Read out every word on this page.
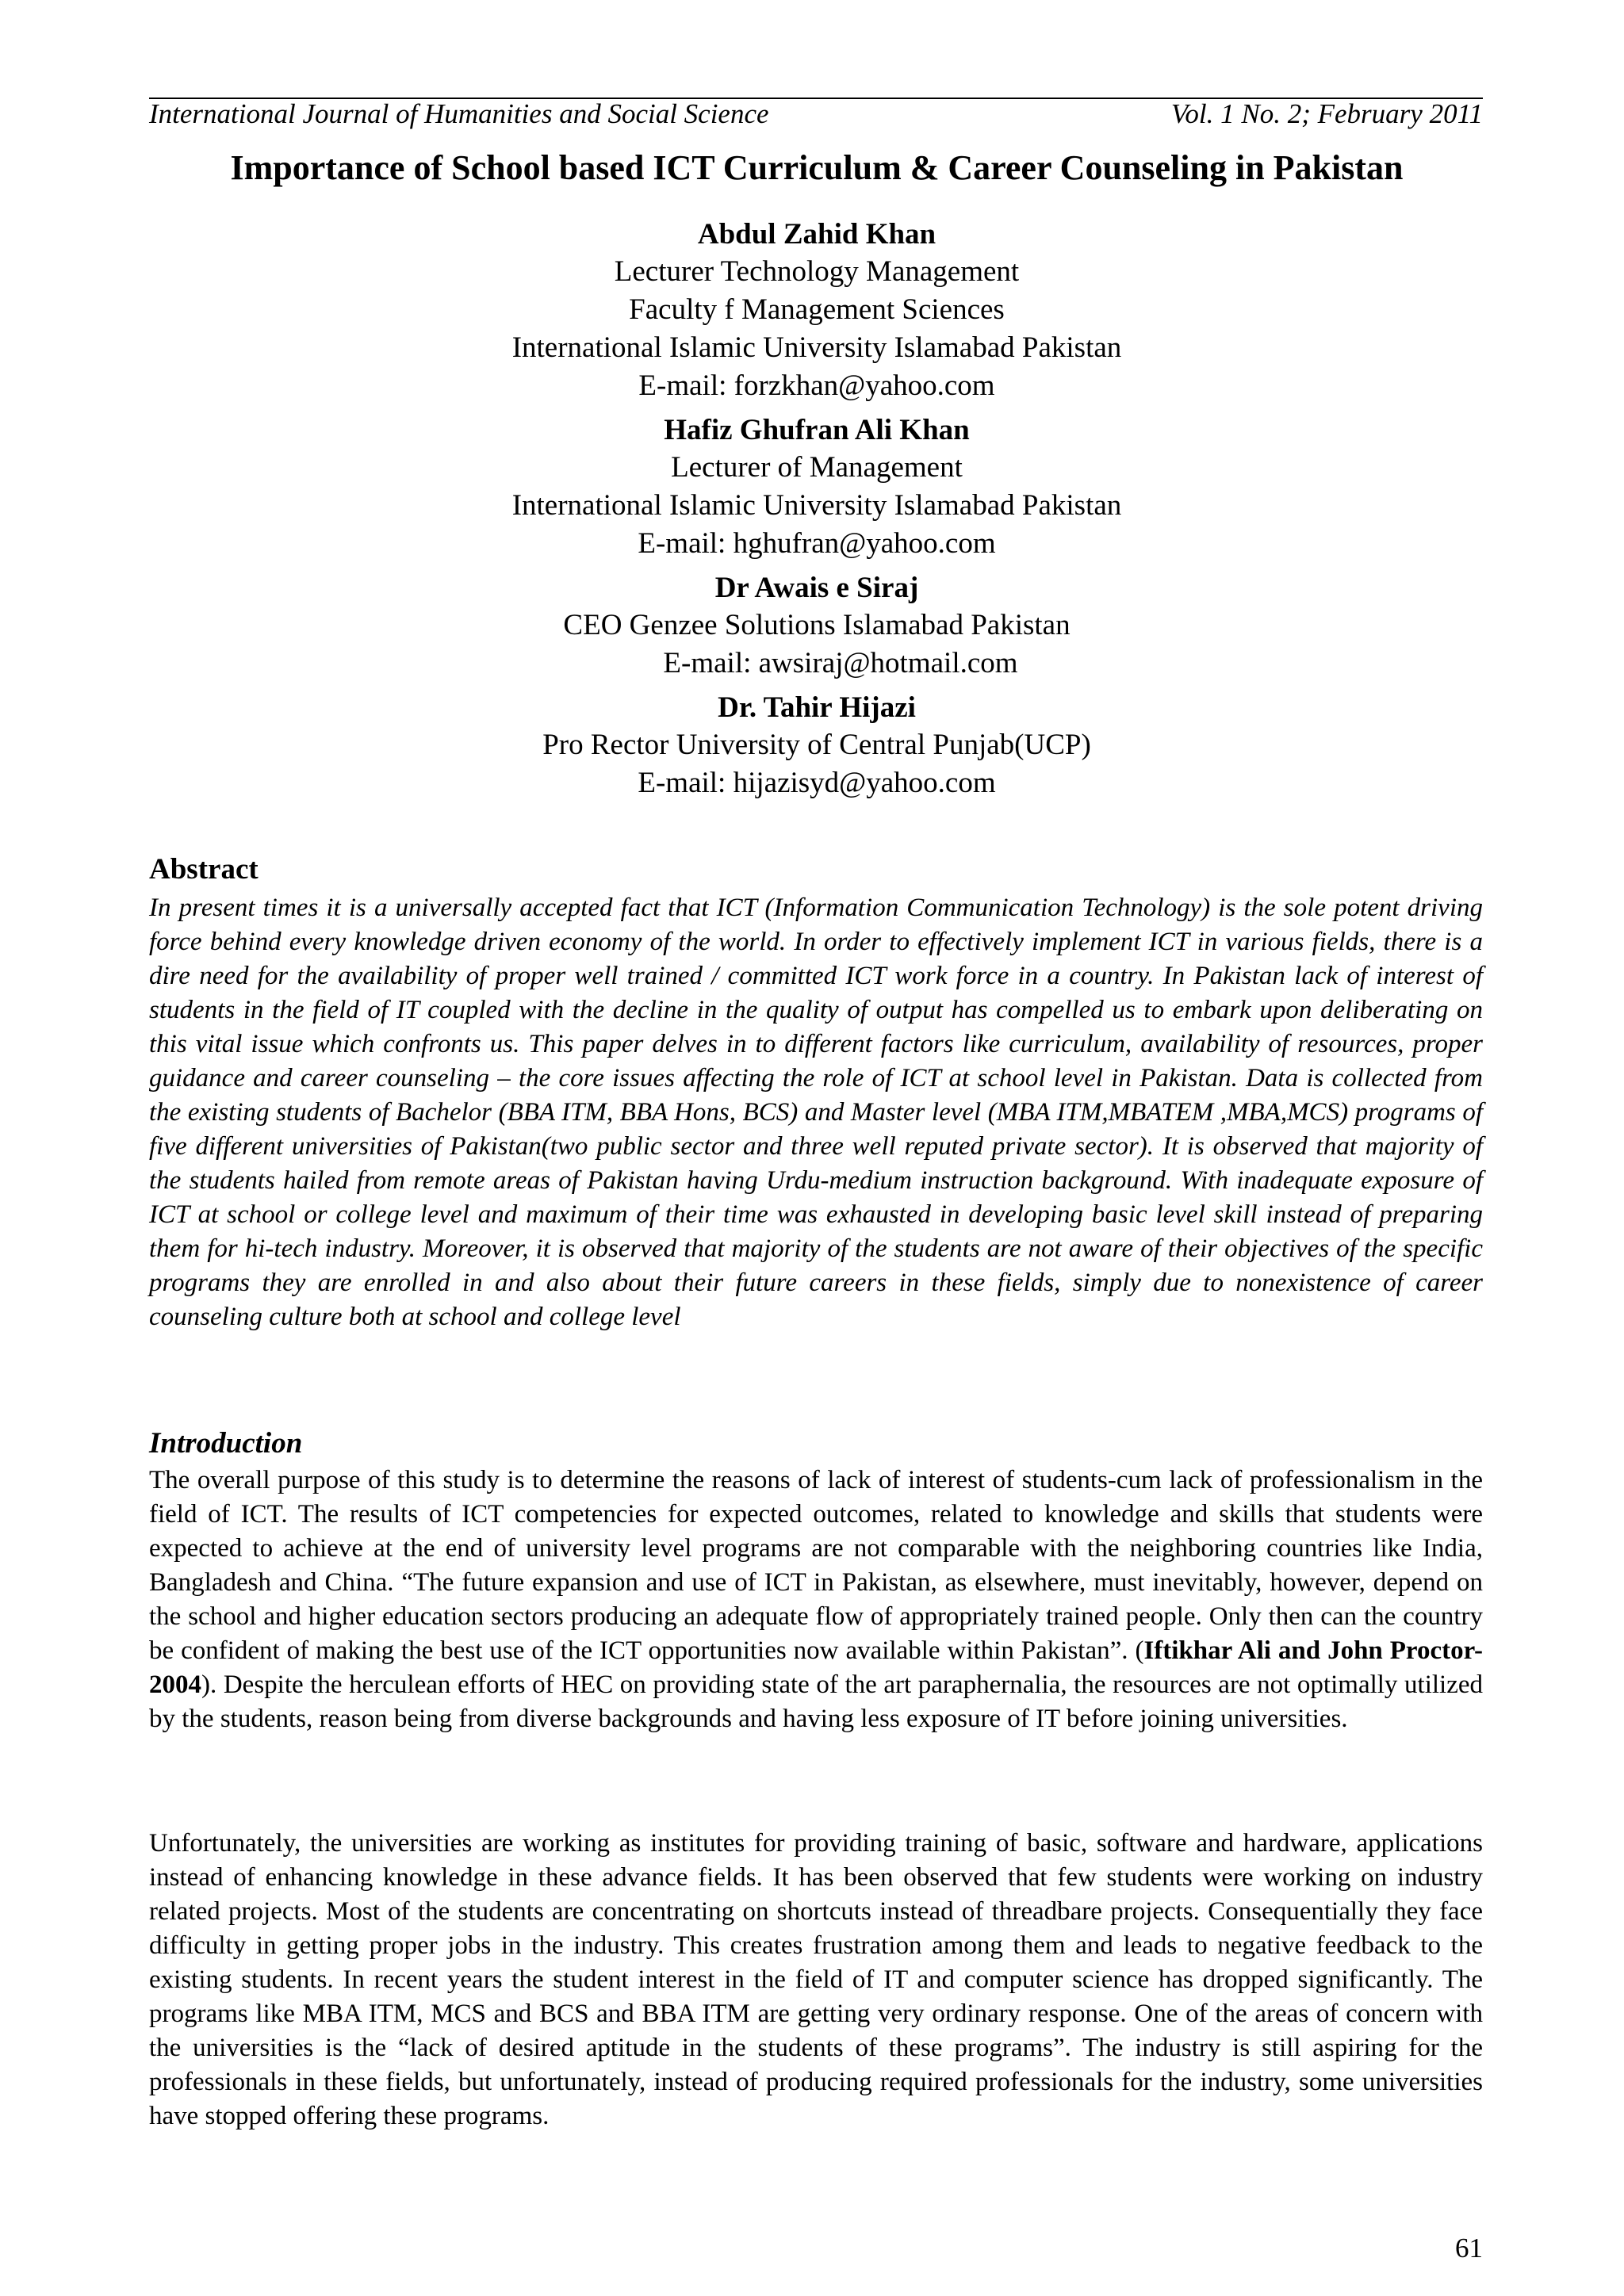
International Journal of Humanities and Social Science	Vol. 1 No. 2; February 2011
Importance of School based ICT Curriculum & Career Counseling in Pakistan
Abdul Zahid Khan
Lecturer Technology Management
Faculty f Management Sciences
International Islamic University Islamabad Pakistan
E-mail: forzkhan@yahoo.com
Hafiz Ghufran Ali Khan
Lecturer of Management
International Islamic University Islamabad Pakistan
E-mail: hghufran@yahoo.com
Dr Awais e Siraj
CEO Genzee Solutions Islamabad Pakistan
E-mail: awsiraj@hotmail.com
Dr. Tahir Hijazi
Pro Rector University of Central Punjab(UCP)
E-mail: hijazisyd@yahoo.com
Abstract

In present times it is a universally accepted fact that ICT (Information Communication Technology) is the sole potent driving force behind every knowledge driven economy of the world. In order to effectively implement ICT in various fields, there is a dire need for the availability of proper well trained / committed ICT work force in a country. In Pakistan lack of interest of students in the field of IT coupled with the decline in the quality of output has compelled us to embark upon deliberating on this vital issue which confronts us. This paper delves in to different factors like curriculum, availability of resources, proper guidance and career counseling – the core issues affecting the role of ICT at school level in Pakistan. Data is collected from the existing students of Bachelor (BBA ITM, BBA Hons, BCS) and Master level (MBA ITM,MBATEM ,MBA,MCS) programs of five different universities of Pakistan(two public sector and three well reputed private sector). It is observed that majority of the students hailed from remote areas of Pakistan having Urdu-medium instruction background. With inadequate exposure of ICT at school or college level and maximum of their time was exhausted in developing basic level skill instead of preparing them for hi-tech industry. Moreover, it is observed that majority of the students are not aware of their objectives of the specific programs they are enrolled in and also about their future careers in these fields, simply due to nonexistence of career counseling culture both at school and college level

Introduction

The overall purpose of this study is to determine the reasons of lack of interest of students-cum lack of professionalism in the field of ICT. The results of ICT competencies for expected outcomes, related to knowledge and skills that students were expected to achieve at the end of university level programs are not comparable with the neighboring countries like India, Bangladesh and China. “The future expansion and use of ICT in Pakistan, as elsewhere, must inevitably, however, depend on the school and higher education sectors producing an adequate flow of appropriately trained people. Only then can the country be confident of making the best use of the ICT opportunities now available within Pakistan”. (Iftikhar Ali and John Proctor- 2004). Despite the herculean efforts of HEC on providing state of the art paraphernalia, the resources are not optimally utilized by the students, reason being from diverse backgrounds and having less exposure of IT before joining universities.

Unfortunately, the universities are working as institutes for providing training of basic, software and hardware, applications instead of enhancing knowledge in these advance fields. It has been observed that few students were working on industry related projects. Most of the students are concentrating on shortcuts instead of threadbare projects. Consequentially they face difficulty in getting proper jobs in the industry. This creates frustration among them and leads to negative feedback to the existing students. In recent years the student interest in the field of IT and computer science has dropped significantly. The programs like MBA ITM, MCS and BCS and BBA ITM are getting very ordinary response. One of the areas of concern with the universities is the “lack of desired aptitude in the students of these programs”. The industry is still aspiring for the professionals in these fields, but unfortunately, instead of producing required professionals for the industry, some universities have stopped offering these programs.

61
